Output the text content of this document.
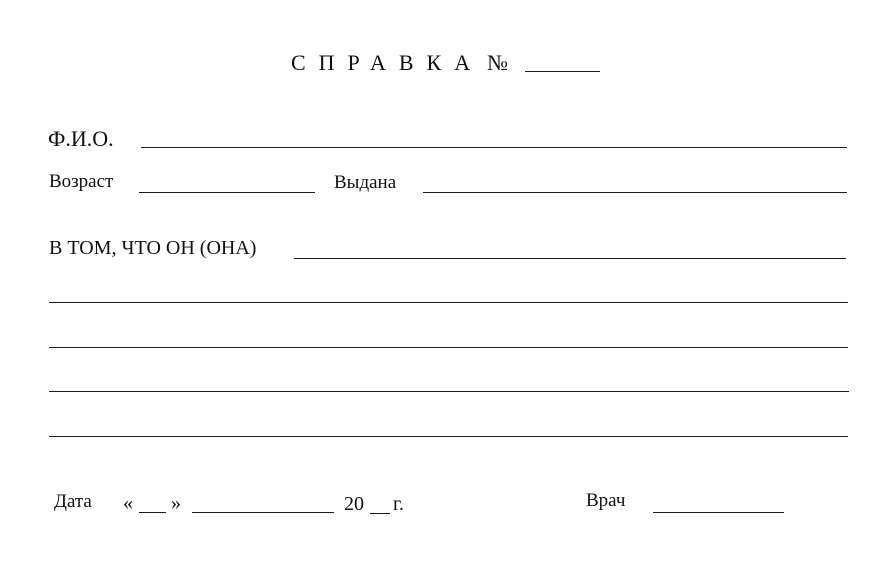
СПРАВКА №
Ф.И.О.
Возраст	Выдана
В ТОМ, ЧТО ОН (ОНА)
Дата « »	20 г.	Врач
